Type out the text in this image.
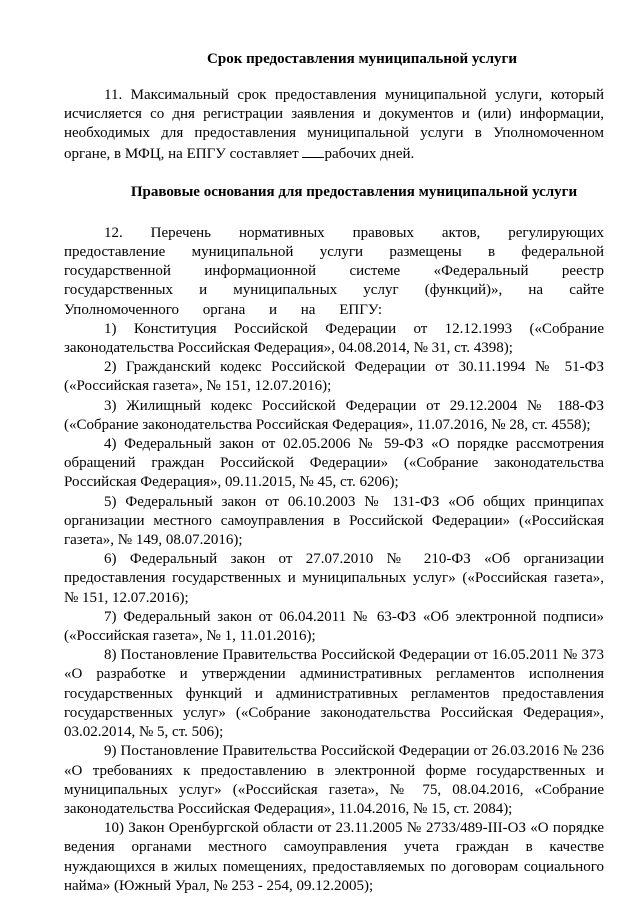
Срок предоставления муниципальной услуги

11. Максимальный срок предоставления муниципальной услуги, который исчисляется со дня регистрации заявления и документов и (или) информации, необходимых для предоставления муниципальной услуги в Уполномоченном органе, в МФЦ, на ЕПГУ составляет рабочих дней.

Правовые основания для предоставления муниципальной услуги

12. Перечень нормативных правовых актов, регулирующих предоставление муниципальной услуги размещены в федеральной государственной информационной системе «Федеральный реестр государственных и муниципальных услуг (функций)», на сайте Уполномоченного органа и на ЕПГУ:

1) Конституция Российской Федерации от 12.12.1993 («Собрание законодательства Российская Федерация», 04.08.2014, № 31, ст. 4398);

2) Гражданский кодекс Российской Федерации от 30.11.1994 № 51-ФЗ («Российская газета», № 151, 12.07.2016);

3) Жилищный кодекс Российской Федерации от 29.12.2004 № 188-ФЗ («Собрание законодательства Российская Федерация», 11.07.2016, № 28, ст. 4558);

4) Федеральный закон от 02.05.2006 № 59-ФЗ «О порядке рассмотрения обращений граждан Российской Федерации» («Собрание законодательства Российская Федерация», 09.11.2015, № 45, ст. 6206);

5) Федеральный закон от 06.10.2003 № 131-ФЗ «Об общих принципах организации местного самоуправления в Российской Федерации» («Российская газета», № 149, 08.07.2016);

6) Федеральный закон от 27.07.2010 № 210-ФЗ «Об организации предоставления государственных и муниципальных услуг» («Российская газета», № 151, 12.07.2016);

7) Федеральный закон от 06.04.2011 № 63-ФЗ «Об электронной подписи» («Российская газета», № 1, 11.01.2016);

8) Постановление Правительства Российской Федерации от 16.05.2011 № 373 «О разработке и утверждении административных регламентов исполнения государственных функций и административных регламентов предоставления государственных услуг» («Собрание законодательства Российская Федерация», 03.02.2014, № 5, ст. 506);

9) Постановление Правительства Российской Федерации от 26.03.2016 № 236 «О требованиях к предоставлению в электронной форме государственных и муниципальных услуг» («Российская газета», № 75, 08.04.2016, «Собрание законодательства Российская Федерация», 11.04.2016, № 15, ст. 2084);

10) Закон Оренбургской области от 23.11.2005 № 2733/489-III-ОЗ «О порядке ведения органами местного самоуправления учета граждан в качестве нуждающихся в жилых помещениях, предоставляемых по договорам социального найма» (Южный Урал, № 253 - 254, 09.12.2005);
